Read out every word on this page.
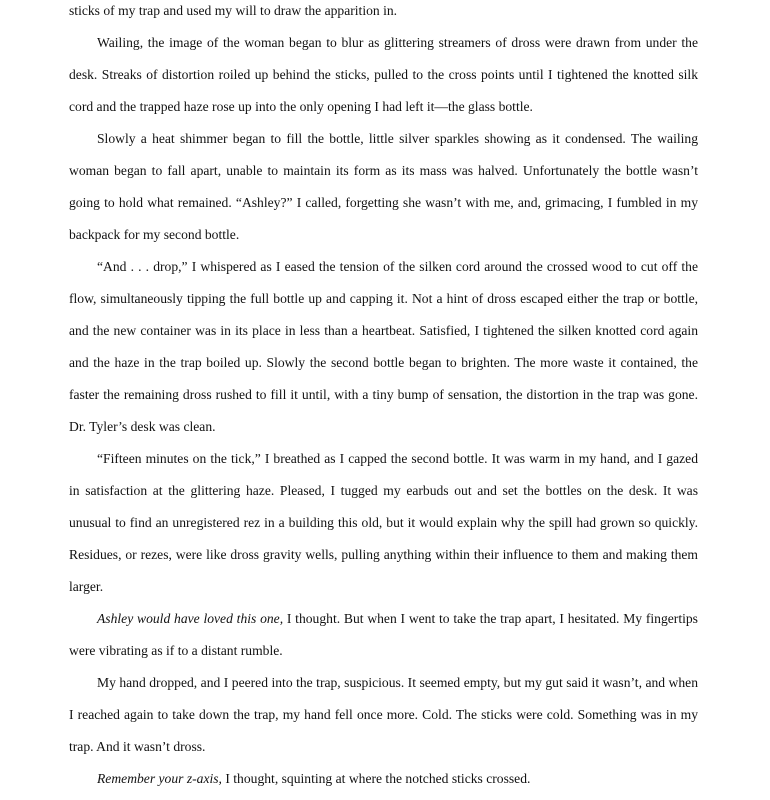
sticks of my trap and used my will to draw the apparition in.

Wailing, the image of the woman began to blur as glittering streamers of dross were drawn from under the desk. Streaks of distortion roiled up behind the sticks, pulled to the cross points until I tightened the knotted silk cord and the trapped haze rose up into the only opening I had left it—the glass bottle.

Slowly a heat shimmer began to fill the bottle, little silver sparkles showing as it condensed. The wailing woman began to fall apart, unable to maintain its form as its mass was halved. Unfortunately the bottle wasn’t going to hold what remained. “Ashley?” I called, forgetting she wasn’t with me, and, grimacing, I fumbled in my backpack for my second bottle.

“And . . . drop,” I whispered as I eased the tension of the silken cord around the crossed wood to cut off the flow, simultaneously tipping the full bottle up and capping it. Not a hint of dross escaped either the trap or bottle, and the new container was in its place in less than a heartbeat. Satisfied, I tightened the silken knotted cord again and the haze in the trap boiled up. Slowly the second bottle began to brighten. The more waste it contained, the faster the remaining dross rushed to fill it until, with a tiny bump of sensation, the distortion in the trap was gone. Dr. Tyler’s desk was clean.

“Fifteen minutes on the tick,” I breathed as I capped the second bottle. It was warm in my hand, and I gazed in satisfaction at the glittering haze. Pleased, I tugged my earbuds out and set the bottles on the desk. It was unusual to find an unregistered rez in a building this old, but it would explain why the spill had grown so quickly. Residues, or rezes, were like dross gravity wells, pulling anything within their influence to them and making them larger.

Ashley would have loved this one, I thought. But when I went to take the trap apart, I hesitated. My fingertips were vibrating as if to a distant rumble.

My hand dropped, and I peered into the trap, suspicious. It seemed empty, but my gut said it wasn’t, and when I reached again to take down the trap, my hand fell once more. Cold. The sticks were cold. Something was in my trap. And it wasn’t dross.

Remember your z-axis, I thought, squinting at where the notched sticks crossed.
